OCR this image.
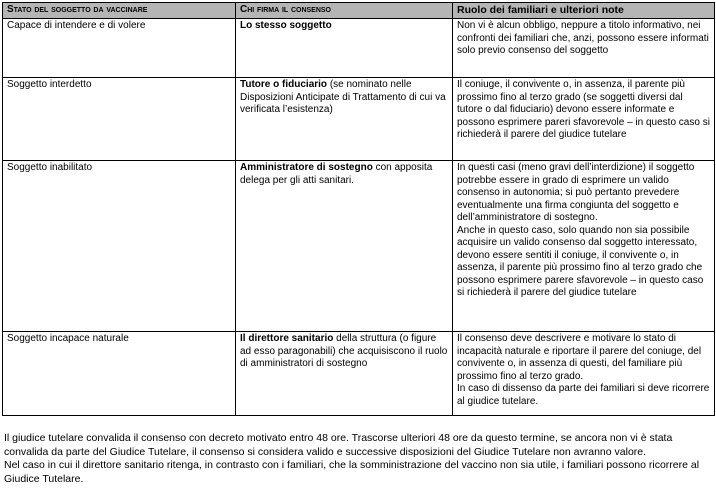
Stato del soggetto da vaccinare	Chi firma il consenso	Ruolo dei familiari e ulteriori note
Capace di intendere e di volere	Lo stesso soggetto	Non vi è alcun obbligo, neppure a titolo informativo, nei confronti dei familiari che, anzi, possono essere informati solo previo consenso del soggetto
Soggetto interdetto	Tutore o fiduciario (se nominato nelle Disposizioni Anticipate di Trattamento di cui va verificata l’esistenza)	Il coniuge, il convivente o, in assenza, il parente più prossimo fino al terzo grado (se soggetti diversi dal tutore o dal fiduciario) devono essere informate e possono esprimere pareri sfavorevole – in questo caso si richiederà il parere del giudice tutelare
Soggetto inabilitato	Amministratore di sostegno con apposita delega per gli atti sanitari.	In questi casi (meno gravi dell’interdizione) il soggetto potrebbe essere in grado di esprimere un valido consenso in autonomia; si può pertanto prevedere eventualmente una firma congiunta del soggetto e dell’amministratore di sostegno.
Anche in questo caso, solo quando non sia possibile acquisire un valido consenso dal soggetto interessato, devono essere sentiti il coniuge, il convivente o, in assenza, il parente più prossimo fino al terzo grado che possono esprimere parere sfavorevole – in questo caso si richiederà il parere del giudice tutelare

Soggetto incapace naturale	Il direttore sanitario della struttura (o figure ad esso paragonabili) che acquisiscono il ruolo di amministratori di sostegno	Il consenso deve descrivere e motivare lo stato di incapacità naturale e riportare il parere del coniuge, del convivente o, in assenza di questi, del familiare più prossimo fino al terzo grado.
In caso di dissenso da parte dei familiari si deve ricorrere al giudice tutelare.

Il giudice tutelare convalida il consenso con decreto motivato entro 48 ore. Trascorse ulteriori 48 ore da questo termine, se ancora non vi è stata convalida da parte del Giudice Tutelare, il consenso si considera valido e successive disposizioni del Giudice Tutelare non avranno valore.

Nel caso in cui il direttore sanitario ritenga, in contrasto con i familiari, che la somministrazione del vaccino non sia utile, i familiari possono ricorrere al Giudice Tutelare.
